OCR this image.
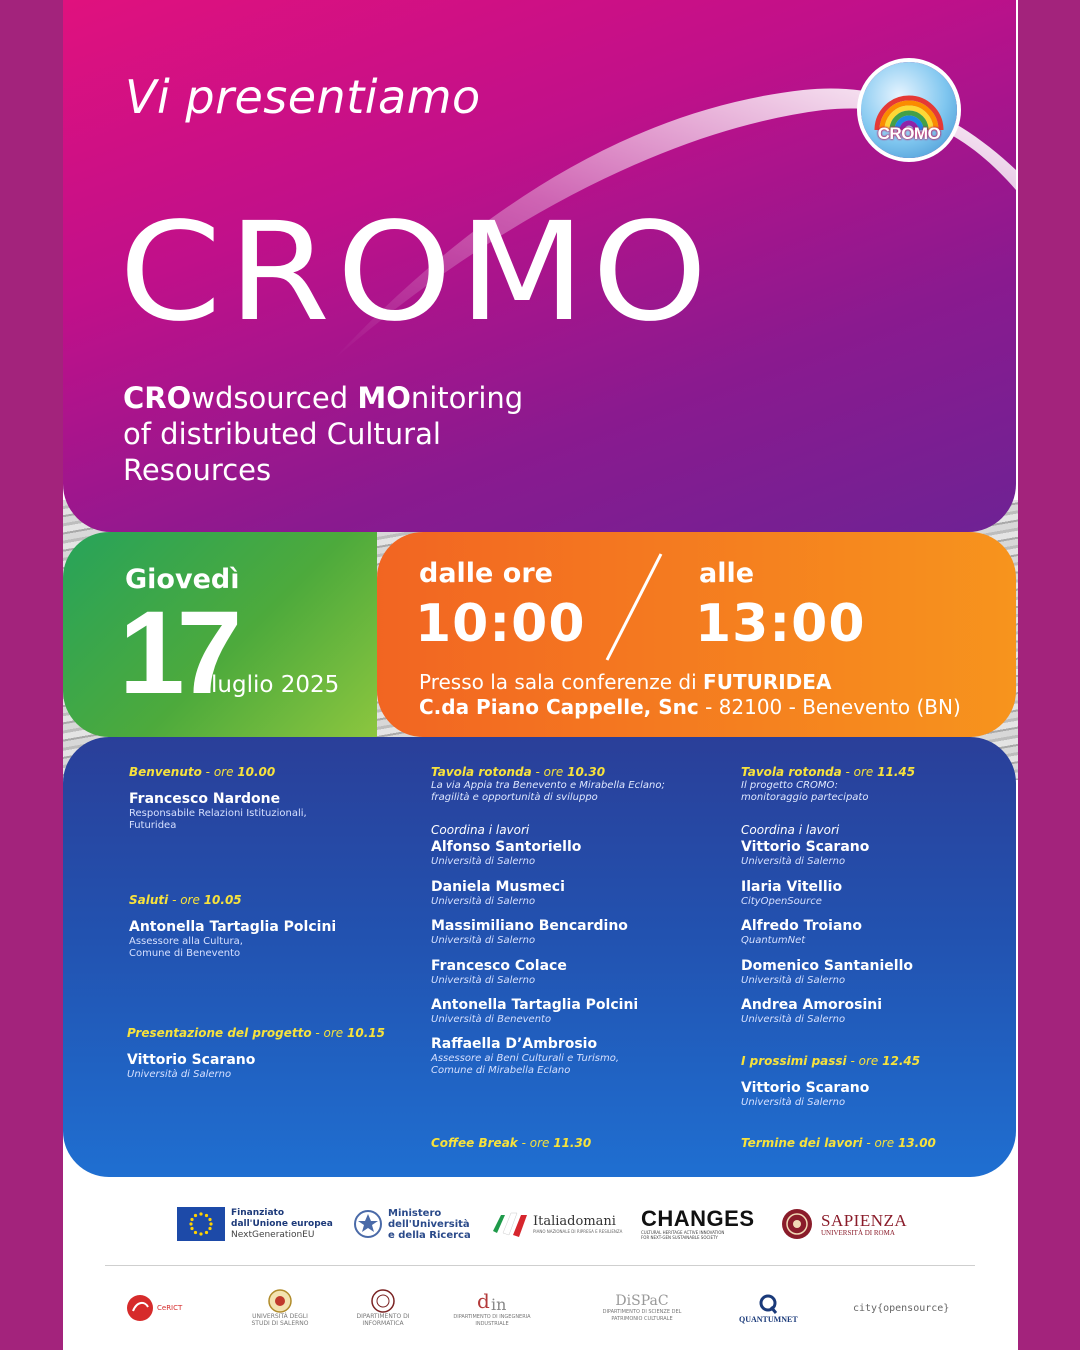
Vi presentiamo
CROMO
CROwdsourced MOnitoring
of distributed Cultural
Resources
CROMO
Giovedì
17
luglio 2025
dalle ore
10:00
alle
13:00
Presso la sala conferenze di FUTURIDEA
C.da Piano Cappelle, Snc - 82100 - Benevento (BN)
Benvenuto - ore 10.00
Francesco Nardone
Responsabile Relazioni Istituzionali,
Futuridea
Saluti - ore 10.05
Antonella Tartaglia Polcini
Assessore alla Cultura,
Comune di Benevento
Presentazione del progetto - ore 10.15
Vittorio Scarano
Università di Salerno
Tavola rotonda - ore 10.30
La via Appia tra Benevento e Mirabella Eclano;
fragilità e opportunità di sviluppo
Coordina i lavori
Alfonso Santoriello
Università di Salerno
Daniela Musmeci
Università di Salerno
Massimiliano Bencardino
Università di Salerno
Francesco Colace
Università di Salerno
Antonella Tartaglia Polcini
Università di Benevento
Raffaella D’Ambrosio
Assessore ai Beni Culturali e Turismo,
Comune di Mirabella Eclano
Coffee Break - ore 11.30
Tavola rotonda - ore 11.45
Il progetto CROMO:
monitoraggio partecipato
Coordina i lavori
Vittorio Scarano
Università di Salerno
Ilaria Vitellio
CityOpenSource
Alfredo Troiano
QuantumNet
Domenico Santaniello
Università di Salerno
Andrea Amorosini
Università di Salerno
I prossimi passi - ore 12.45
Vittorio Scarano
Università di Salerno
Termine dei lavori - ore 13.00
Finanziato
dall'Unione europea
NextGenerationEU
Ministero
dell'Università
e della Ricerca
Italiadomani
PIANO NAZIONALE DI RIPRESA E RESILIENZA
CHANGES
CULTURAL HERITAGE ACTIVE INNOVATION
FOR NEXT-GEN SUSTAINABLE SOCIETY
SAPIENZA
UNIVERSITÀ DI ROMA
CeRICT
UNIVERSITÀ DEGLI STUDI DI SALERNO
DIPARTIMENTO DI INFORMATICA
d in
DIPARTIMENTO DI INGEGNERIA INDUSTRIALE
DiSPaC
DIPARTIMENTO DI SCIENZE DEL PATRIMONIO CULTURALE	QUANTUMNET
city{opensource}
